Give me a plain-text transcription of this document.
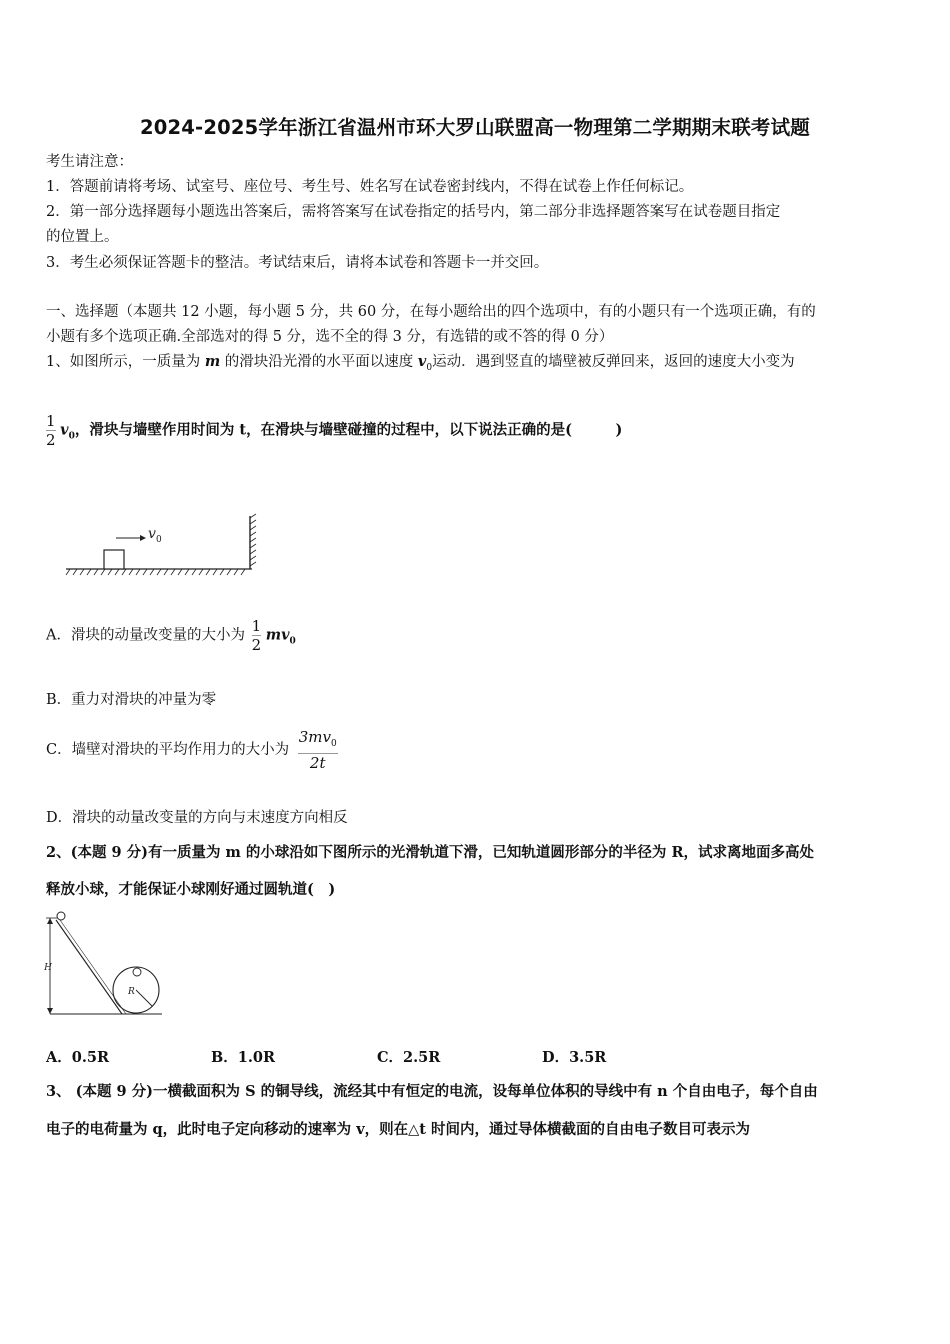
2024-2025学年浙江省温州市环大罗山联盟高一物理第二学期期末联考试题
考生请注意：
1．答题前请将考场、试室号、座位号、考生号、姓名写在试卷密封线内，不得在试卷上作任何标记。
2．第一部分选择题每小题选出答案后，需将答案写在试卷指定的括号内，第二部分非选择题答案写在试卷题目指定
的位置上。
3．考生必须保证答题卡的整洁。考试结束后，请将本试卷和答题卡一并交回。
一、选择题（本题共 12 小题，每小题 5 分，共 60 分，在每小题给出的四个选项中，有的小题只有一个选项正确，有的
小题有多个选项正确.全部选对的得 5 分，选不全的得 3 分，有选错的或不答的得 0 分）
1、如图所示，一质量为 m 的滑块沿光滑的水平面以速度 $v_0$运动．遇到竖直的墙壁被反弹回来，返回的速度大小变为
$\frac{1}{2} v_0$，滑块与墙壁作用时间为 t，在滑块与墙壁碰撞的过程中，以下说法正确的是(　　　)
v 0
A．滑块的动量改变量的大小为 $\frac{1}{2} mv_0$
B．重力对滑块的冲量为零
C．墙壁对滑块的平均作用力的大小为 $\frac{3mv_0}{2t}$
D．滑块的动量改变量的方向与末速度方向相反
2、(本题 9 分)有一质量为 m 的小球沿如下图所示的光滑轨道下滑，已知轨道圆形部分的半径为 R，试求离地面多高处
释放小球，才能保证小球刚好通过圆轨道(　)
H
R
A．0.5R	B．1.0R	C．2.5R	D．3.5R
3、 (本题 9 分)一横截面积为 S 的铜导线，流经其中有恒定的电流，设每单位体积的导线中有 n 个自由电子，每个自由
电子的电荷量为 q，此时电子定向移动的速率为 v，则在△t 时间内，通过导体横截面的自由电子数目可表示为
